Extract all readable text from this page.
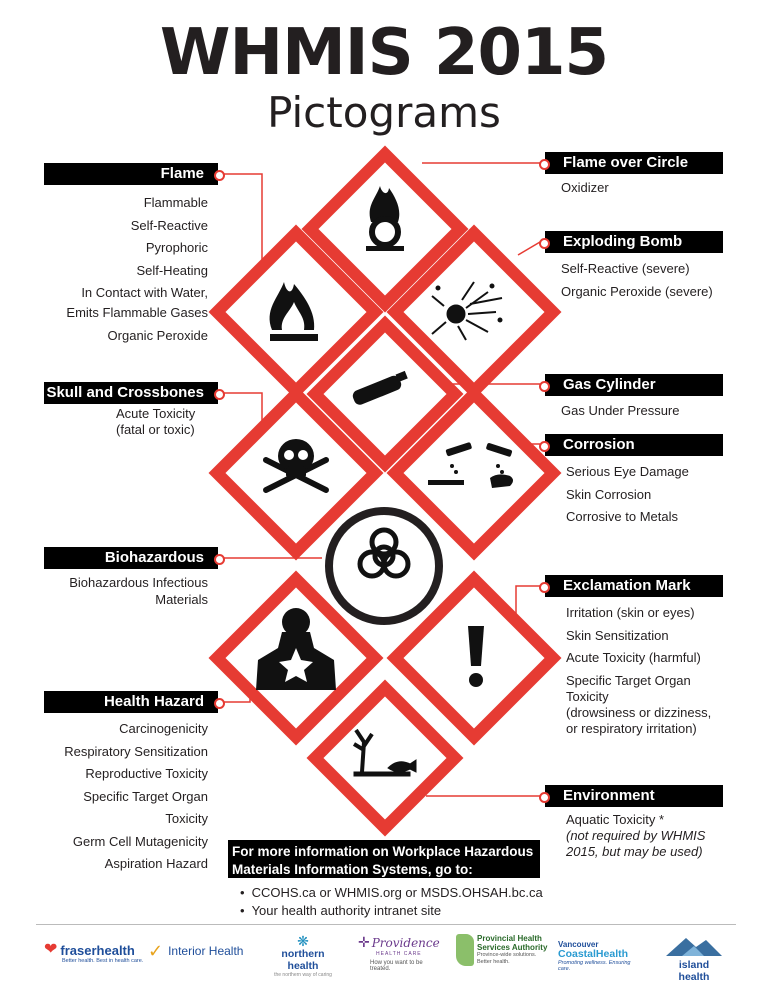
WHMIS 2015
Pictograms
Flame
Flammable
Self-Reactive
Pyrophoric
Self-Heating
In Contact with Water,
Emits Flammable Gases
Organic Peroxide
Skull and Crossbones
Acute Toxicity
(fatal or toxic)
Biohazardous
Biohazardous Infectious
Materials
Health Hazard
Carcinogenicity
Respiratory Sensitization
Reproductive Toxicity
Specific Target Organ
Toxicity
Germ Cell Mutagenicity
Aspiration Hazard
Flame over Circle
Oxidizer
Exploding Bomb
Self-Reactive (severe)
Organic Peroxide (severe)
Gas Cylinder
Gas Under Pressure
Corrosion
Serious Eye Damage
Skin Corrosion
Corrosive to Metals
Exclamation Mark
Irritation (skin or eyes)
Skin Sensitization
Acute Toxicity (harmful)
Specific Target Organ
Toxicity
(drowsiness or dizziness,
or respiratory irritation)
Environment
Aquatic Toxicity *
(not required by WHMIS
2015, but may be used)
For more information on Workplace Hazardous
Materials Information Systems, go to:
• CCOHS.ca or WHMIS.org or MSDS.OHSAH.bc.ca
• Your health authority intranet site
❤ fraserhealth
Better health. Best in health care. ✓ Interior Health
❋
northern health
the northern way of caring
✛ Providence
HEALTH CARE
How you want to be treated.
Provincial Health
Services Authority
Province-wide solutions.
Better health.
Vancouver
CoastalHealth
Promoting wellness. Ensuring care.	island health
